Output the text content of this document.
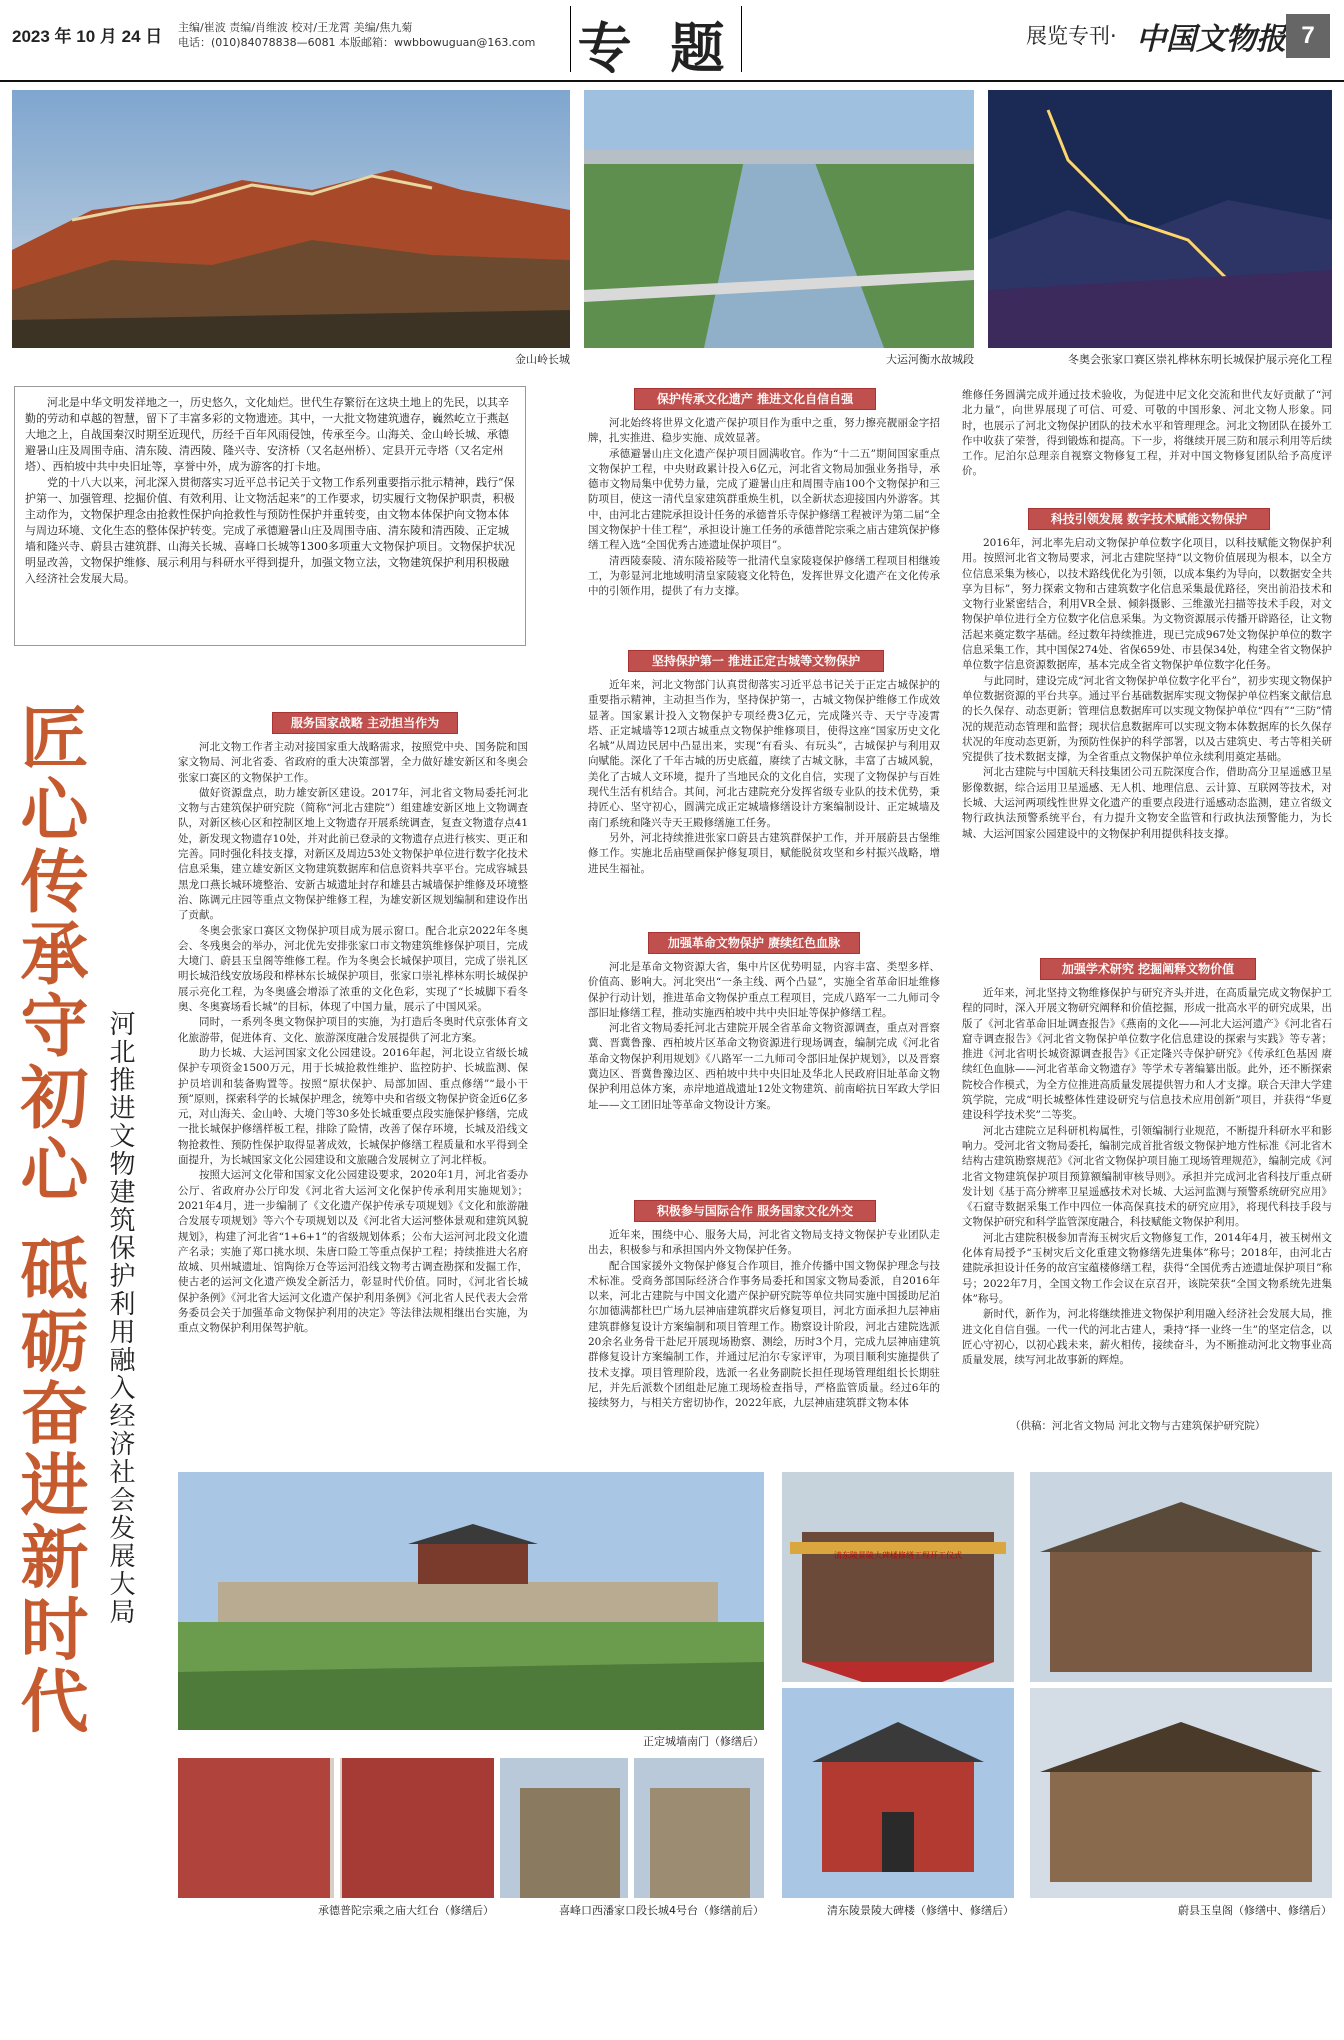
2023 年 10 月 24 日 主编/崔波 责编/肖维波 校对/王龙霄 美编/焦九菊
电话：(010)84078838—6081 本版邮箱：wwbbowuguan@163.com 专 题	展览专刊· 中国文物报 7
金山岭长城	大运河衡水故城段	冬奥会张家口赛区崇礼桦林东明长城保护展示亮化工程

河北是中华文明发祥地之一，历史悠久，文化灿烂。世代生存繁衍在这块土地上的先民，以其辛勤的劳动和卓越的智慧，留下了丰富多彩的文物遗迹。其中，一大批文物建筑遗存，巍然屹立于燕赵大地之上，自战国秦汉时期至近现代，历经千百年风雨侵蚀，传承至今。山海关、金山岭长城、承德避暑山庄及周围寺庙、清东陵、清西陵、隆兴寺、安济桥（又名赵州桥）、定县开元寺塔（又名定州塔）、西柏坡中共中央旧址等，享誉中外，成为游客的打卡地。

党的十八大以来，河北深入贯彻落实习近平总书记关于文物工作系列重要指示批示精神，践行“保护第一、加强管理、挖掘价值、有效利用、让文物活起来”的工作要求，切实履行文物保护职责，积极主动作为，文物保护理念由抢救性保护向抢救性与预防性保护并重转变，由文物本体保护向文物本体与周边环境、文化生态的整体保护转变。完成了承德避暑山庄及周围寺庙、清东陵和清西陵、正定城墙和隆兴寺、蔚县古建筑群、山海关长城、喜峰口长城等1300多项重大文物保护项目。文物保护状况明显改善，文物保护维修、展示利用与科研水平得到提升，加强文物立法，文物建筑保护利用积极融入经济社会发展大局。

匠心传承守初心 砥砺奋进新时代 河北推进文物建筑保护利用融入经济社会发展大局
服务国家战略 主动担当作为

河北文物工作者主动对接国家重大战略需求，按照党中央、国务院和国家文物局、河北省委、省政府的重大决策部署，全力做好雄安新区和冬奥会张家口赛区的文物保护工作。

做好资源盘点，助力雄安新区建设。2017年，河北省文物局委托河北文物与古建筑保护研究院（简称“河北古建院”）组建雄安新区地上文物调查队，对新区核心区和控制区地上文物遗存开展系统调查，复查文物遗存点41处，新发现文物遗存10处，并对此前已登录的文物遗存点进行核实、更正和完善。同时强化科技支撑，对新区及周边53处文物保护单位进行数字化技术信息采集，建立雄安新区文物建筑数据库和信息资料共享平台。完成容城县黑龙口燕长城环境整治、安新古城遗址封存和雄县古城墙保护维修及环境整治、陈调元庄园等重点文物保护维修工程，为雄安新区规划编制和建设作出了贡献。

冬奥会张家口赛区文物保护项目成为展示窗口。配合北京2022年冬奥会、冬残奥会的举办，河北优先安排张家口市文物建筑维修保护项目，完成大境门、蔚县玉皇阁等维修工程。作为冬奥会长城保护项目，完成了崇礼区明长城沿线安放场段和桦林东长城保护项目，张家口崇礼桦林东明长城保护展示亮化工程，为冬奥盛会增添了浓重的文化色彩，实现了“长城脚下看冬奥、冬奥赛场看长城”的目标，体现了中国力量，展示了中国风采。

同时，一系列冬奥文物保护项目的实施，为打造后冬奥时代京张体育文化旅游带，促进体育、文化、旅游深度融合发展提供了河北方案。

助力长城、大运河国家文化公园建设。2016年起，河北设立省级长城保护专项资金1500万元，用于长城抢救性维护、监控防护、长城监测、保护员培训和装备购置等。按照“原状保护、局部加固、重点修缮”“最小干预”原则，探索科学的长城保护理念，统筹中央和省级文物保护资金近6亿多元，对山海关、金山岭、大境门等30多处长城重要点段实施保护修缮，完成一批长城保护修缮样板工程，排除了险情，改善了保存环境，长城及沿线文物抢救性、预防性保护取得显著成效，长城保护修缮工程质量和水平得到全面提升，为长城国家文化公园建设和文旅融合发展树立了河北样板。

按照大运河文化带和国家文化公园建设要求，2020年1月，河北省委办公厅、省政府办公厅印发《河北省大运河文化保护传承利用实施规划》；2021年4月，进一步编制了《文化遗产保护传承专项规划》《文化和旅游融合发展专项规划》等六个专项规划以及《河北省大运河整体景观和建筑风貌规划》，构建了河北省“1+6+1”的省级规划体系；公布大运河河北段文化遗产名录；实施了郑口挑水坝、朱唐口险工等重点保护工程；持续推进大名府故城、贝州城遗址、馆陶徐万仓等运河沿线文物考古调查勘探和发掘工作，使古老的运河文化遗产焕发全新活力，彰显时代价值。同时，《河北省长城保护条例》《河北省大运河文化遗产保护利用条例》《河北省人民代表大会常务委员会关于加强革命文物保护利用的决定》等法律法规相继出台实施，为重点文物保护利用保驾护航。

保护传承文化遗产 推进文化自信自强

河北始终将世界文化遗产保护项目作为重中之重，努力擦亮靓丽金字招牌，扎实推进、稳步实施、成效显著。

承德避暑山庄文化遗产保护项目圆满收官。作为“十二五”期间国家重点文物保护工程，中央财政累计投入6亿元，河北省文物局加强业务指导，承德市文物局集中优势力量，完成了避暑山庄和周围寺庙100个文物保护和三防项目，使这一清代皇家建筑群重焕生机，以全新状态迎接国内外游客。其中，由河北古建院承担设计任务的承德普乐寺保护修缮工程被评为第二届“全国文物保护十佳工程”，承担设计施工任务的承德普陀宗乘之庙古建筑保护修缮工程入选“全国优秀古迹遗址保护项目”。

清西陵泰陵、清东陵裕陵等一批清代皇家陵寝保护修缮工程项目相继竣工，为彰显河北地域明清皇家陵寝文化特色，发挥世界文化遗产在文化传承中的引领作用，提供了有力支撑。

坚持保护第一 推进正定古城等文物保护

近年来，河北文物部门认真贯彻落实习近平总书记关于正定古城保护的重要指示精神，主动担当作为，坚持保护第一，古城文物保护维修工作成效显著。国家累计投入文物保护专项经费3亿元，完成隆兴寺、天宁寺凌霄塔、正定城墙等12项古城重点文物保护维修项目，使得这座“国家历史文化名城”从周边民居中凸显出来，实现“有看头、有玩头”，古城保护与利用双向赋能。深化了千年古城的历史底蕴，赓续了古城文脉，丰富了古城风貌，美化了古城人文环境，提升了当地民众的文化自信，实现了文物保护与百姓现代生活有机结合。其间，河北古建院充分发挥省级专业队的技术优势，秉持匠心、坚守初心，圆满完成正定城墙修缮设计方案编制设计、正定城墙及南门系统和隆兴寺天王殿修缮施工任务。

另外，河北持续推进张家口蔚县古建筑群保护工作，并开展蔚县古堡维修工作。实施北岳庙壁画保护修复项目，赋能脱贫攻坚和乡村振兴战略，增进民生福祉。

加强革命文物保护 赓续红色血脉

河北是革命文物资源大省，集中片区优势明显，内容丰富、类型多样、价值高、影响大。河北突出“一条主线、两个凸显”，实施全省革命旧址维修保护行动计划，推进革命文物保护重点工程项目，完成八路军一二九师司令部旧址修缮工程，推动实施西柏坡中共中央旧址等保护修缮工程。

河北省文物局委托河北古建院开展全省革命文物资源调查，重点对晋察冀、晋冀鲁豫、西柏坡片区革命文物资源进行现场调查，编制完成《河北省革命文物保护利用规划》《八路军一二九师司令部旧址保护规划》，以及晋察冀边区、晋冀鲁豫边区、西柏坡中共中央旧址及华北人民政府旧址革命文物保护利用总体方案，赤岸地道战遗址12处文物建筑、前南峪抗日军政大学旧址——文工团旧址等革命文物设计方案。

积极参与国际合作 服务国家文化外交

近年来，围绕中心、服务大局，河北省文物局支持文物保护专业团队走出去，积极参与和承担国内外文物保护任务。

配合国家援外文物保护修复合作项目，推介传播中国文物保护理念与技术标准。受商务部国际经济合作事务局委托和国家文物局委派，自2016年以来，河北古建院与中国文化遗产保护研究院等单位共同实施中国援助尼泊尔加德满都杜巴广场九层神庙建筑群灾后修复项目，河北方面承担九层神庙建筑群修复设计方案编制和项目管理工作。勘察设计阶段，河北古建院选派20余名业务骨干赴尼开展现场勘察、测绘，历时3个月，完成九层神庙建筑群修复设计方案编制工作，并通过尼泊尔专家评审，为项目顺利实施提供了技术支撑。项目管理阶段，选派一名业务副院长担任现场管理组组长长期驻尼，并先后派数个团组赴尼施工现场检查指导，严格监管质量。经过6年的接续努力，与相关方密切协作，2022年底，九层神庙建筑群文物本体

维修任务圆满完成并通过技术验收，为促进中尼文化交流和世代友好贡献了“河北力量”，向世界展现了可信、可爱、可敬的中国形象、河北文物人形象。同时，也展示了河北文物保护团队的技术水平和管理理念。河北文物团队在援外工作中收获了荣誉，得到锻炼和提高。下一步，将继续开展三防和展示利用等后续工作。尼泊尔总理亲自视察文物修复工程，并对中国文物修复团队给予高度评价。

科技引领发展 数字技术赋能文物保护

2016年，河北率先启动文物保护单位数字化项目，以科技赋能文物保护利用。按照河北省文物局要求，河北古建院坚持“以文物价值展现为根本，以全方位信息采集为核心，以技术路线优化为引领，以成本集约为导向，以数据安全共享为目标”，努力探索文物和古建筑数字化信息采集最优路径，突出前沿技术和文物行业紧密结合，利用VR全景、倾斜摄影、三维激光扫描等技术手段，对文物保护单位进行全方位数字化信息采集。为文物资源展示传播开辟路径，让文物活起来奠定数字基础。经过数年持续推进，现已完成967处文物保护单位的数字信息采集工作，其中国保274处、省保659处、市县保34处，构建全省文物保护单位数字信息资源数据库，基本完成全省文物保护单位数字化任务。

与此同时，建设完成“河北省文物保护单位数字化平台”，初步实现文物保护单位数据资源的平台共享。通过平台基础数据库实现文物保护单位档案文献信息的长久保存、动态更新；管理信息数据库可以实现文物保护单位“四有”“三防”情况的规范动态管理和监督；现状信息数据库可以实现文物本体数据库的长久保存状况的年度动态更新，为预防性保护的科学部署，以及古建筑史、考古等相关研究提供了技术数据支撑，为全省重点文物保护单位永续利用奠定基础。

河北古建院与中国航天科技集团公司五院深度合作，借助高分卫星遥感卫星影像数据，综合运用卫星遥感、无人机、地理信息、云计算、互联网等技术，对长城、大运河两项线性世界文化遗产的重要点段进行遥感动态监测，建立省级文物行政执法预警系统平台，有力提升文物安全监管和行政执法预警能力，为长城、大运河国家公园建设中的文物保护利用提供科技支撑。

加强学术研究 挖掘阐释文物价值

近年来，河北坚持文物维修保护与研究齐头并进，在高质量完成文物保护工程的同时，深入开展文物研究阐释和价值挖掘，形成一批高水平的研究成果，出版了《河北省革命旧址调查报告》《燕南的文化——河北大运河遗产》《河北省石窟寺调查报告》《河北省文物保护单位数字化信息建设的探索与实践》等专著；推进《河北省明长城资源调查报告》《正定隆兴寺保护研究》《传承红色基因 赓续红色血脉——河北省革命文物遗存》等学术专著编纂出版。此外，还不断探索院校合作模式，为全方位推进高质量发展提供智力和人才支撑。联合天津大学建筑学院，完成“明长城整体性建设研究与信息技术应用创新”项目，并获得“华夏建设科学技术奖”二等奖。

河北古建院立足科研机构属性，引领编制行业规范，不断提升科研水平和影响力。受河北省文物局委托，编制完成首批省级文物保护地方性标准《河北省木结构古建筑勘察规范》《河北省文物保护项目施工现场管理规范》，编制完成《河北省文物建筑保护项目预算额编制审核导则》。承担并完成河北省科技厅重点研发计划《基于高分辨率卫星遥感技术对长城、大运河监测与预警系统研究应用》《石窟寺数据采集工作中四位一体高保真技术的研究应用》，将现代科技手段与文物保护研究和科学监管深度融合，科技赋能文物保护利用。

河北古建院积极参加青海玉树灾后文物修复工作，2014年4月，被玉树州文化体育局授予“玉树灾后文化重建文物修缮先进集体”称号；2018年，由河北古建院承担设计任务的故宫宝蕴楼修缮工程，获得“全国优秀古迹遗址保护项目”称号；2022年7月，全国文物工作会议在京召开，该院荣获“全国文物系统先进集体”称号。

新时代，新作为，河北将继续推进文物保护利用融入经济社会发展大局，推进文化自信自强。一代一代的河北古建人，秉持“择一业终一生”的坚定信念，以匠心守初心，以初心践未来，薪火相传，接续奋斗，为不断推动河北文物事业高质量发展，续写河北故事新的辉煌。

（供稿：河北省文物局 河北文物与古建筑保护研究院）
正定城墙南门（修缮后）
承德普陀宗乘之庙大红台（修缮后）	喜峰口西潘家口段长城4号台（修缮前后）
清东陵景陵大碑楼修缮工程开工仪式
清东陵景陵大碑楼（修缮中、修缮后）	蔚县玉皇阁（修缮中、修缮后）
